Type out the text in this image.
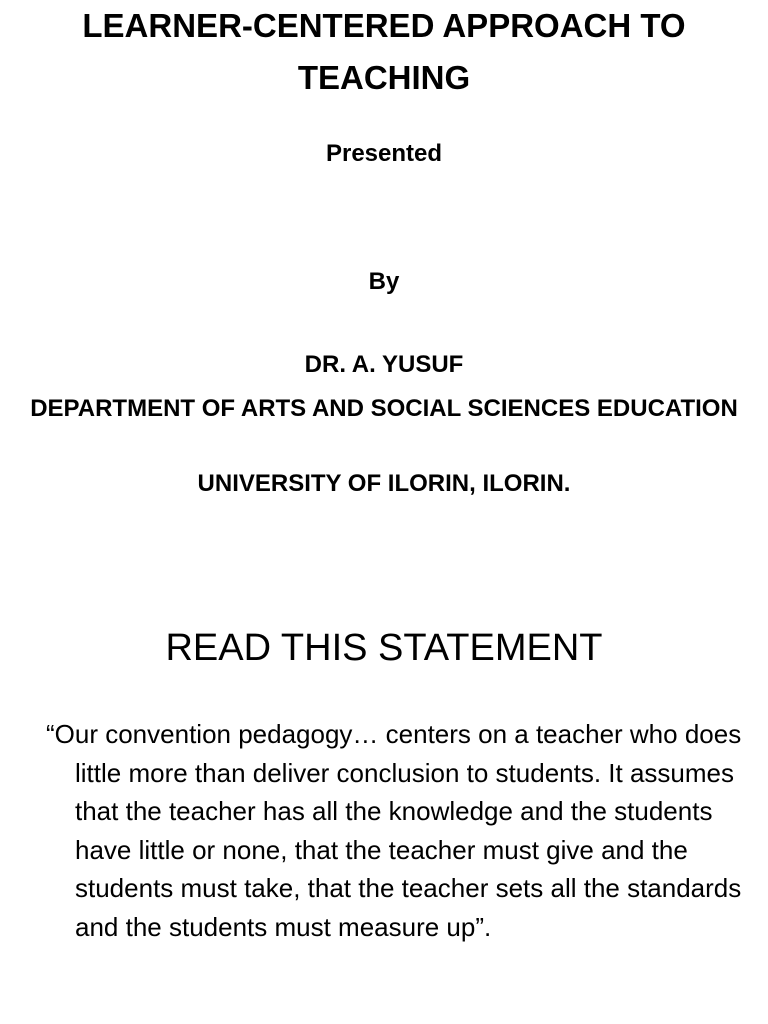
LEARNER-CENTERED APPROACH TO TEACHING

Presented

By

DR. A. YUSUF

DEPARTMENT OF ARTS AND SOCIAL SCIENCES EDUCATION

UNIVERSITY OF ILORIN, ILORIN.

READ THIS STATEMENT

“Our convention pedagogy… centers on a teacher who does little more than deliver conclusion to students. It assumes that the teacher has all the knowledge and the students have little or none, that the teacher must give and the students must take, that the teacher sets all the standards and the students must measure up”.
